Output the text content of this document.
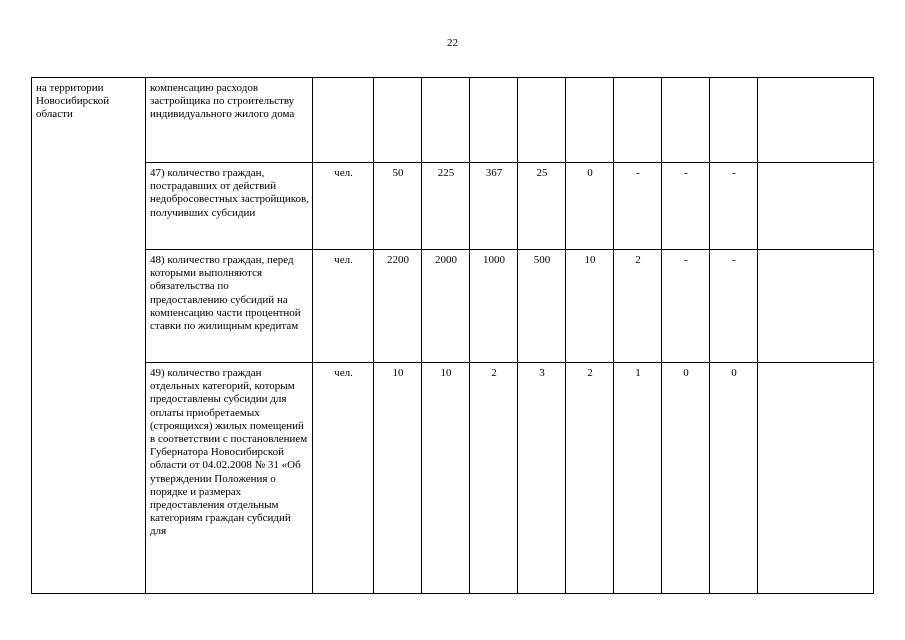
22
на территории Новосибирской области	компенсацию расходов застройщика по строительству индивидуального жилого дома										
	47) количество граждан, пострадавших от действий недобросовестных застройщиков, получивших субсидии	чел.	50	225	367	25	0	-	-	-	
	48) количество граждан, перед которыми выполняются обязательства по предоставлению субсидий на компенсацию части процентной ставки по жилищным кредитам	чел.	2200	2000	1000	500	10	2	-	-	
	49) количество граждан отдельных категорий, которым предоставлены субсидии для оплаты приобретаемых (строящихся) жилых помещений в соответствии с постановлением Губернатора Новосибирской области от 04.02.2008 № 31 «Об утверждении Положения о порядке и размерах предоставления отдельным категориям граждан субсидий для	чел.	10	10	2	3	2	1	0	0	
